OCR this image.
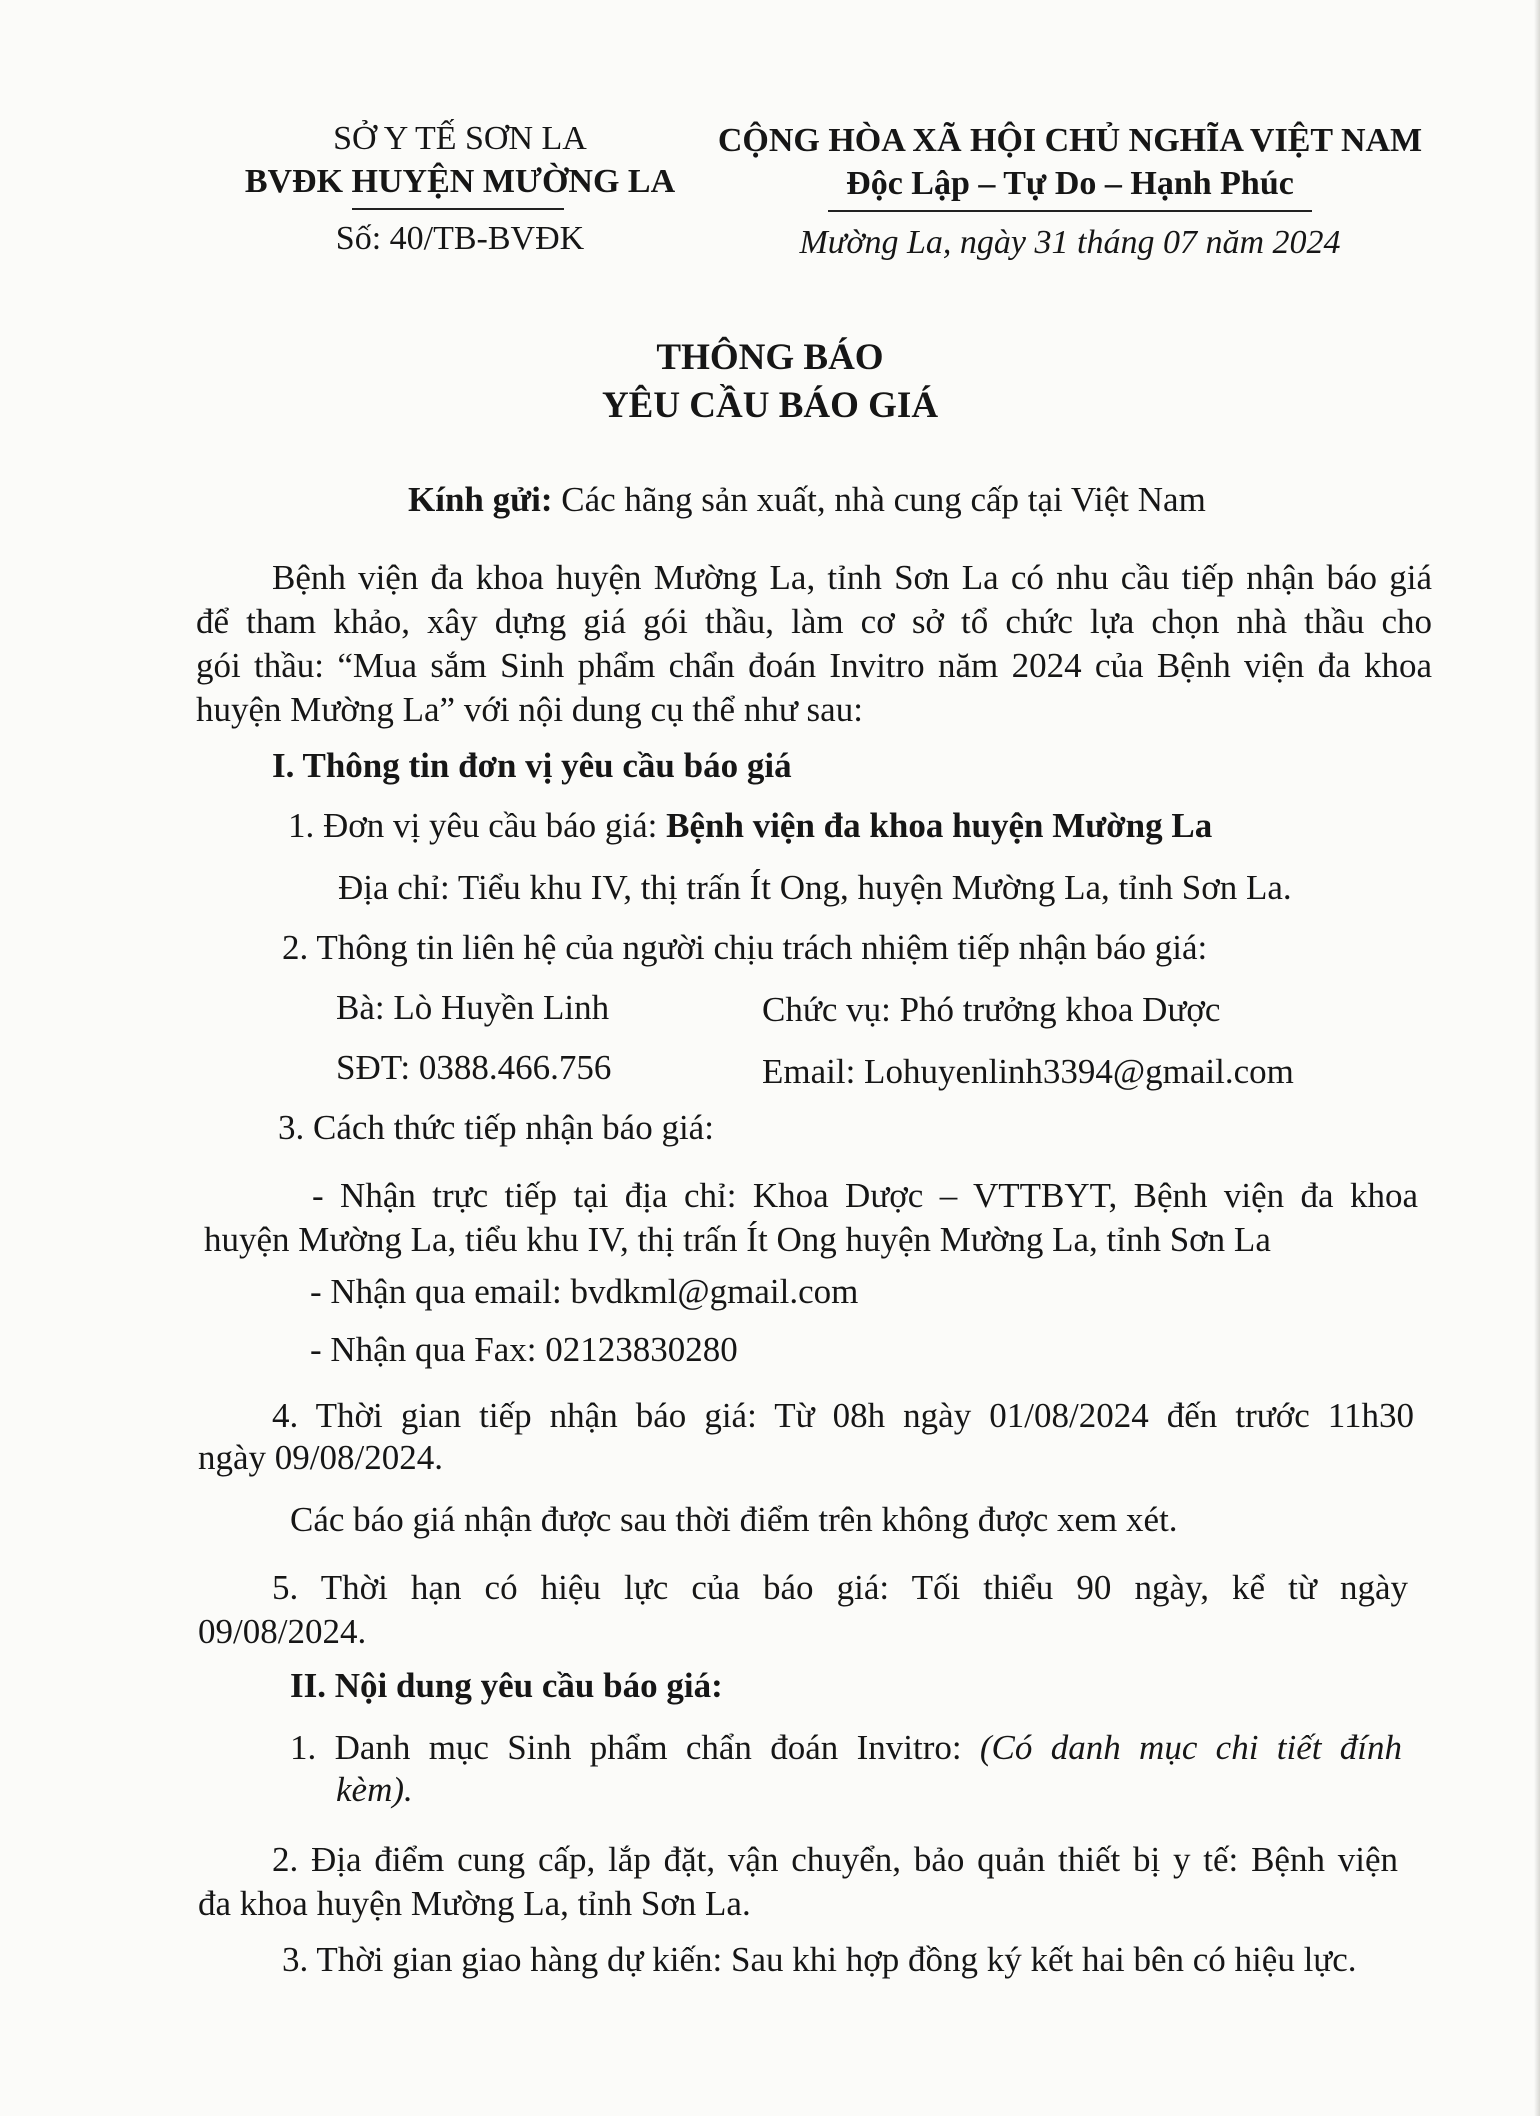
SỞ Y TẾ SƠN LA
BVĐK HUYỆN MƯỜNG LA
Số: 40/TB-BVĐK
CỘNG HÒA XÃ HỘI CHỦ NGHĨA VIỆT NAM
Độc Lập – Tự Do – Hạnh Phúc
Mường La, ngày 31 tháng 07 năm 2024
THÔNG BÁO
YÊU CẦU BÁO GIÁ
Kính gửi: Các hãng sản xuất, nhà cung cấp tại Việt Nam
Bệnh viện đa khoa huyện Mường La, tỉnh Sơn La có nhu cầu tiếp nhận báo giá
để tham khảo, xây dựng giá gói thầu, làm cơ sở tổ chức lựa chọn nhà thầu cho
gói thầu: “Mua sắm Sinh phẩm chẩn đoán Invitro năm 2024 của Bệnh viện đa khoa
huyện Mường La” với nội dung cụ thể như sau:
I. Thông tin đơn vị yêu cầu báo giá
1. Đơn vị yêu cầu báo giá: Bệnh viện đa khoa huyện Mường La
Địa chỉ: Tiểu khu IV, thị trấn Ít Ong, huyện Mường La, tỉnh Sơn La.
2. Thông tin liên hệ của người chịu trách nhiệm tiếp nhận báo giá:
Bà: Lò Huyền Linh	Chức vụ: Phó trưởng khoa Dược
SĐT: 0388.466.756	Email: Lohuyenlinh3394@gmail.com
3. Cách thức tiếp nhận báo giá:
- Nhận trực tiếp tại địa chỉ: Khoa Dược – VTTBYT, Bệnh viện đa khoa
huyện Mường La, tiểu khu IV, thị trấn Ít Ong huyện Mường La, tỉnh Sơn La
- Nhận qua email: bvdkml@gmail.com
- Nhận qua Fax: 02123830280
4. Thời gian tiếp nhận báo giá: Từ 08h ngày 01/08/2024 đến trước 11h30
ngày 09/08/2024.
Các báo giá nhận được sau thời điểm trên không được xem xét.
5. Thời hạn có hiệu lực của báo giá: Tối thiểu 90 ngày, kể từ ngày
09/08/2024.
II. Nội dung yêu cầu báo giá:
1. Danh mục Sinh phẩm chẩn đoán Invitro: (Có danh mục chi tiết đính
kèm).
2. Địa điểm cung cấp, lắp đặt, vận chuyển, bảo quản thiết bị y tế: Bệnh viện
đa khoa huyện Mường La, tỉnh Sơn La.
3. Thời gian giao hàng dự kiến: Sau khi hợp đồng ký kết hai bên có hiệu lực.
